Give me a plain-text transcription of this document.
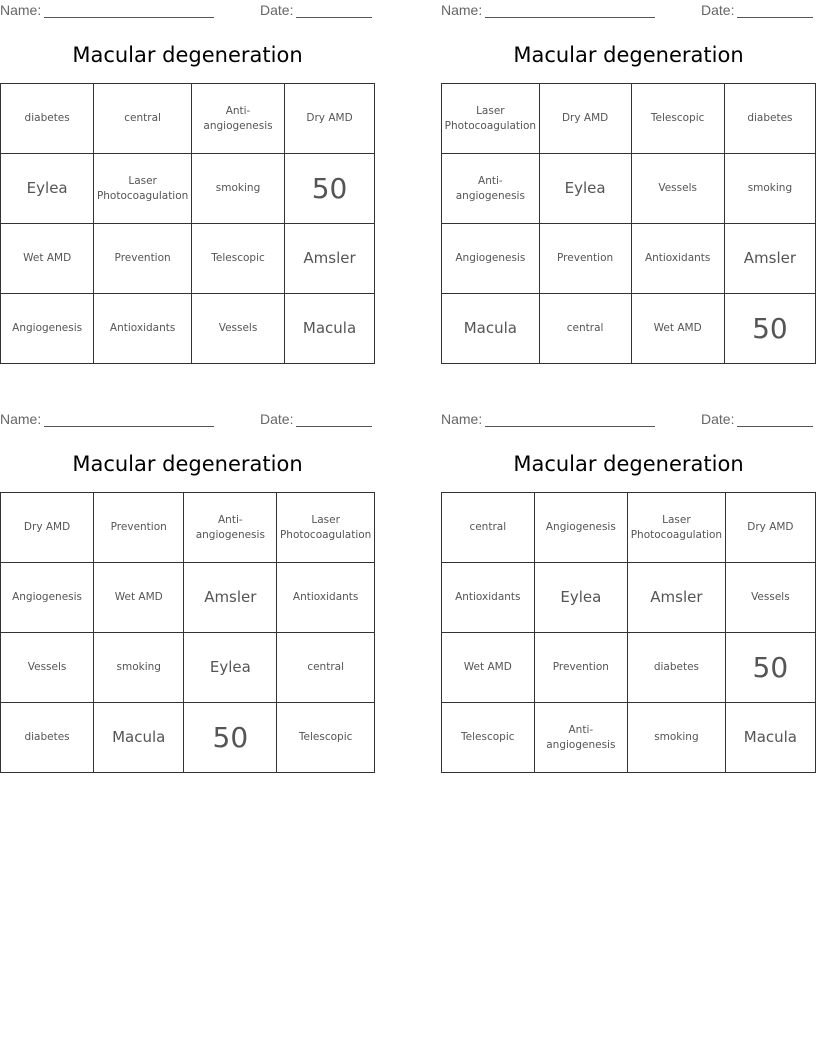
Name:	Date:
Macular degeneration
diabetes	central	Anti-angiogenesis	Dry AMD
Eylea	Laser Photocoagulation	smoking	50
Wet AMD	Prevention	Telescopic	Amsler
Angiogenesis	Antioxidants	Vessels	Macula
Name:	Date:
Macular degeneration
Laser Photocoagulation	Dry AMD	Telescopic	diabetes
Anti-angiogenesis	Eylea	Vessels	smoking
Angiogenesis	Prevention	Antioxidants	Amsler
Macula	central	Wet AMD	50
Name:	Date:
Macular degeneration
Dry AMD	Prevention	Anti-angiogenesis	Laser Photocoagulation
Angiogenesis	Wet AMD	Amsler	Antioxidants
Vessels	smoking	Eylea	central
diabetes	Macula	50	Telescopic
Name:	Date:
Macular degeneration
central	Angiogenesis	Laser Photocoagulation	Dry AMD
Antioxidants	Eylea	Amsler	Vessels
Wet AMD	Prevention	diabetes	50
Telescopic	Anti-angiogenesis	smoking	Macula
